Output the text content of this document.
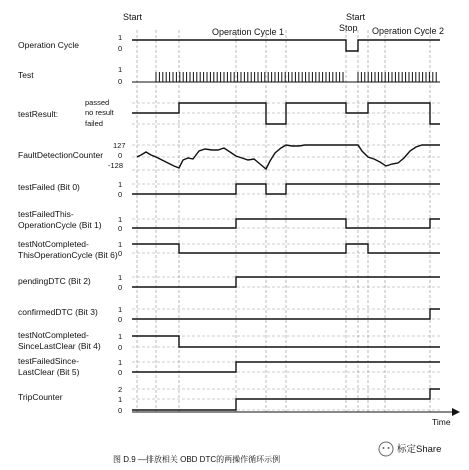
Start
Operation Cycle 1
Start
Stop Operation Cycle 2
Time
Operation Cycle
Test
testResult:
FaultDetectionCounter
testFailed (Bit 0)
testFailedThis-
OperationCycle (Bit 1)
testNotCompleted-
ThisOperationCycle (Bit 6)
pendingDTC (Bit 2)
confirmedDTC (Bit 3)
testNotCompleted-
SinceLastClear (Bit 4)
testFailedSince-
LastClear (Bit 5)
TripCounter
1
0
1
0
passed
no result
failed
127
0
-128
1
0
1
0
1
0
1
0
1
0
1
0
1
0
2
1
0
图 D.9 —排放相关 OBD DTC的两操作循环示例
标定Share
